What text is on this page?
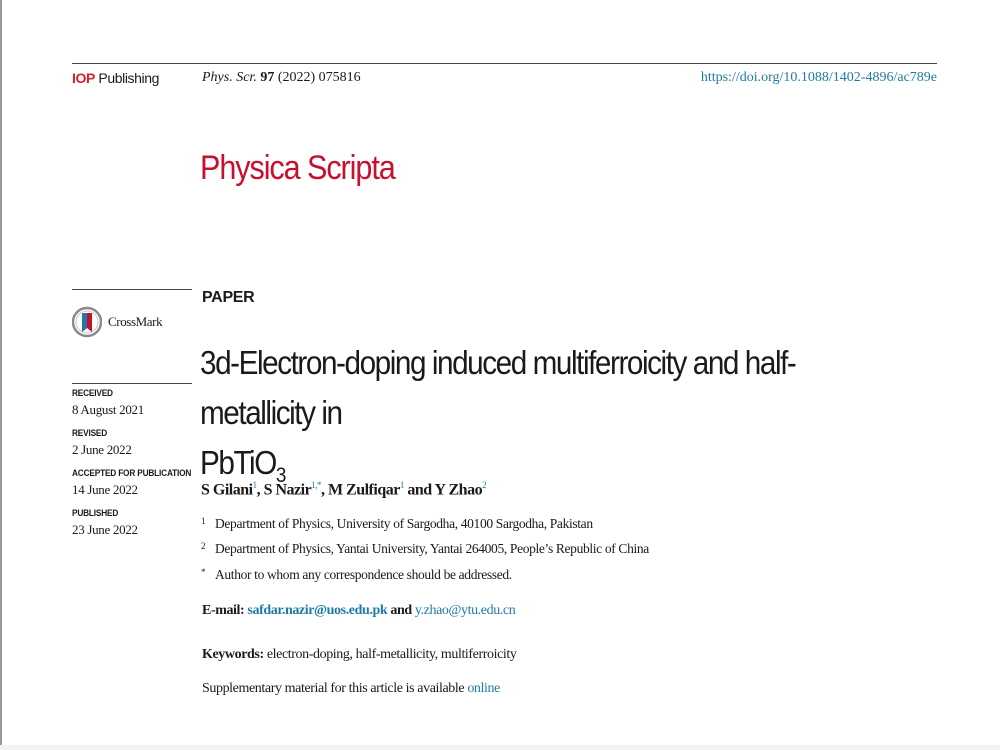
IOP Publishing	Phys. Scr. 97 (2022) 075816	https://doi.org/10.1088/1402-4896/ac789e
Physica Scripta
CrossMark
RECEIVED
8 August 2021
REVISED
2 June 2022
ACCEPTED FOR PUBLICATION
14 June 2022
PUBLISHED
23 June 2022
PAPER
3d-Electron-doping induced multiferroicity and half-metallicity in
PbTiO$_3$
S Gilani$^1$, S Nazir$^{1,*}$, M Zulfiqar$^1$ and Y Zhao$^2$
1 Department of Physics, University of Sargodha, 40100 Sargodha, Pakistan
2 Department of Physics, Yantai University, Yantai 264005, People’s Republic of China
* Author to whom any correspondence should be addressed.
E-mail: safdar.nazir@uos.edu.pk and y.zhao@ytu.edu.cn
Keywords: electron-doping, half-metallicity, multiferroicity
Supplementary material for this article is available online
